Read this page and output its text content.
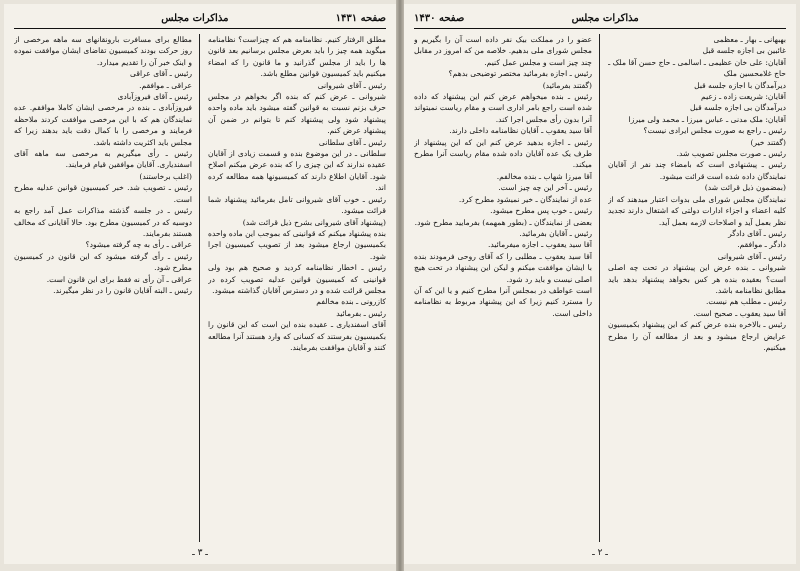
صفحه ۱۴۳۱
مذاکرات مجلس

مطلق الرفتار کنیم. نظامنامه هم که چیزاست؟ نظامنامه میگوید همه چیز را باید بعرض مجلس برسانیم بعد قانون ها را باید از مجلس گذرانید و ما قانون را که امضاء میکنیم باید کمیسیون قوانین مطلع باشد.

رئیس ـ آقای شیروانی

شیروانی ـ عرض کنم که بنده اگر بخواهم در مجلس حرف بزنم نسبت به قوانین گفته میشود باید ماده واحده پیشنهاد شود ولی پیشنهاد کنم تا بتوانم در ضمن آن پیشنهاد عرض کنم.

رئیس ـ آقای سلطانی

سلطانی ـ در این موضوع بنده و قسمت زیادی از آقایان عقیده ندارند که این چیزی را که بنده عرض میکنم اصلاح شود. آقایان اطلاع دارند که کمیسیونها همه مطالعه کرده اند.

رئیس ـ خوب آقای شیروانی تامل بفرمائید پیشنهاد شما قرائت میشود.

(پیشنهاد آقای شیروانی بشرح ذیل قرائت شد)

بنده پیشنهاد میکنم که قوانینی که بموجب این ماده واحده بکمیسیون ارجاع میشود بعد از تصویب کمیسیون اجرا شود.

رئیس ـ اخطار نظامنامه کردید و صحیح هم بود ولی قوانینی که کمیسیون قوانین عدلیه تصویب کرده در مجلس قرائت شده و در دسترس آقایان گذاشته میشود.

کازرونی ـ بنده مخالفم

رئیس ـ بفرمائید

آقای اسفندیاری ـ عقیده بنده این است که این قانون را بکمیسیون بفرستند که کسانی که وارد هستند آنرا مطالعه کنند و آقایان موافقت بفرمایند.

مطالع برای مسافرت بارونقانهای سه ماهه مرخصی از روز حرکت بودند کمیسیون تقاضای ایشان موافقت نموده و اینک خبر آن را تقدیم میدارد.

رئیس ـ آقای عراقی

عراقی ـ موافقم.

رئیس ـ آقای فیروزآبادی

فیروزآبادی ـ بنده در مرخصی ایشان کاملا موافقم. عده نمایندگان هم که با این مرخصی موافقت کردند ملاحظه فرمایند و مرخصی را با کمال دقت باید بدهند زیرا که مجلس باید اکثریت داشته باشد.

رئیس ـ رأی میگیریم به مرخصی سه ماهه آقای اسفندیاری. آقایان موافقین قیام فرمایند.

(اغلب برخاستند)

رئیس ـ تصویب شد. خبر کمیسیون قوانین عدلیه مطرح است.

رئیس ـ در جلسه گذشته مذاکرات عمل آمد راجع به دوسیه که در کمیسیون مطرح بود. حالا آقایانی که مخالف هستند بفرمایند.

عراقی ـ رأی به چه گرفته میشود؟

رئیس ـ رأی گرفته میشود که این قانون در کمیسیون مطرح شود.

عراقی ـ آن رأی نه فقط برای این قانون است.

رئیس ـ البته آقایان قانون را در نظر میگیرند.

ـ ۳ ـ
مذاکرات مجلس
صفحه ۱۴۳۰

بهبهانی ـ بهار ـ معظمی

غائبین بی اجازه جلسه قبل

آقایان: علی خان عظیمی ـ اسالمی ـ حاج حسن آقا ملک ـ حاج غلامحسین ملک

دیرآمدگان با اجازه جلسه قبل

آقایان: شریعت زاده ـ زعیم

دیرآمدگان بی اجازه جلسه قبل

آقایان: ملک مدنی ـ عباس میرزا ـ محمد ولی میرزا

رئیس ـ راجع به صورت مجلس ایرادی نیست؟

(گفتند خیر)

رئیس ـ صورت مجلس تصویب شد.

رئیس ـ پیشنهادی است که بامضاء چند نفر از آقایان نمایندگان داده شده است قرائت میشود.

(بمضمون ذیل قرائت شد)

نمایندگان مجلس شورای ملی بدوات اعتبار میدهند که از کلیه اعضاء و اجزاء ادارات دولتی که اشتغال دارند تجدید نظر بعمل آید و اصلاحات لازمه بعمل آید.

رئیس ـ آقای دادگر

دادگر ـ موافقم.

رئیس ـ آقای شیروانی

شیروانی ـ بنده عرض این پیشنهاد در تحت چه اصلی است؟ بعقیده بنده هر کس بخواهد پیشنهاد بدهد باید مطابق نظامنامه باشد.

رئیس ـ مطلب هم نیست.

آقا سید یعقوب ـ صحیح است.

رئیس ـ بالاخره بنده عرض کنم که این پیشنهاد بکمیسیون عرایض ارجاع میشود و بعد از مطالعه آن را مطرح میکنیم.

عضو را در مملکت بیک نفر داده است آن را بگیریم و مجلس شورای ملی بدهیم. خلاصه من که امروز در مقابل چند چیز است و مجلس عمل کنیم.

رئیس ـ اجازه بفرمائید مختصر توضیحی بدهم؟

(گفتند بفرمائید)

رئیس ـ بنده میخواهم عرض کنم این پیشنهاد که داده شده است راجع بامر اداری است و مقام ریاست نمیتواند آنرا بدون رأی مجلس اجرا کند.

آقا سید یعقوب ـ آقایان نظامنامه داخلی دارند.

رئیس ـ اجازه بدهید عرض کنم این که این پیشنهاد از طرف یک عده آقایان داده شده مقام ریاست آنرا مطرح میکند.

آقا میرزا شهاب ـ بنده مخالفم.

رئیس ـ آخر این چه چیز است.

عده از نمایندگان ـ خیر نمیشود مطرح کرد.

رئیس ـ خوب پس مطرح میشود.

بعضی از نمایندگان ـ (بطور همهمه) بفرمایید مطرح شود.

رئیس ـ آقایان بفرمائید.

آقا سید یعقوب ـ اجازه میفرمائید.

آقا سید یعقوب ـ مطلبی را که آقای روحی فرمودند بنده با ایشان موافقت میکنم و لیکن این پیشنهاد در تحت هیچ اصلی نیست و باید رد شود.

است عواطف در بمجلس آنرا مطرح کنیم و یا این که آن را مسترد کنیم زیرا که این پیشنهاد مربوط به نظامنامه داخلی است.

ـ ۲ ـ
